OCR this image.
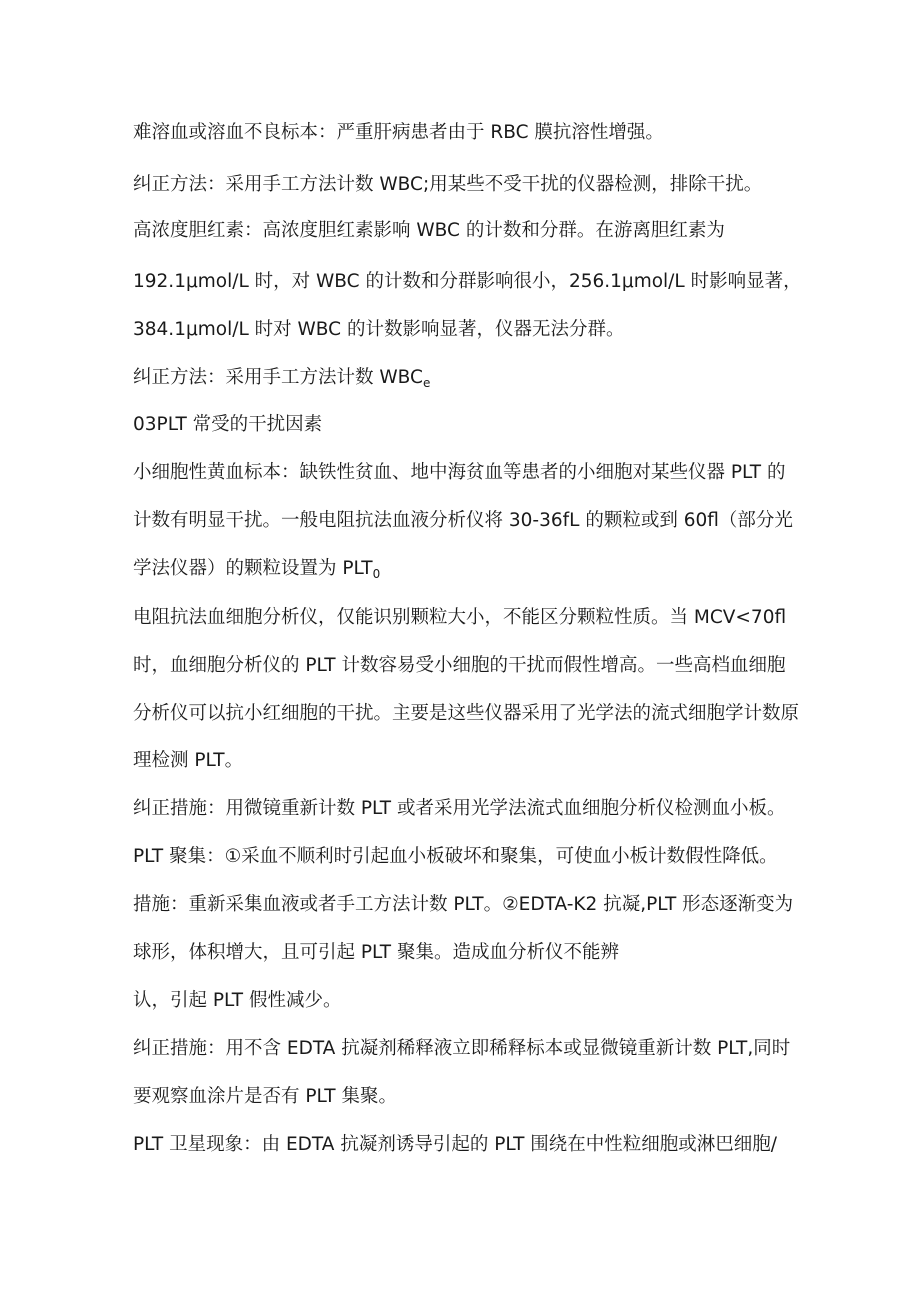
难溶血或溶血不良标本：严重肝病患者由于 RBC 膜抗溶性增强。
纠正方法：采用手工方法计数 WBC;用某些不受干扰的仪器检测，排除干扰。
高浓度胆红素：高浓度胆红素影响 WBC 的计数和分群。在游离胆红素为
192.1μmol/L 时，对 WBC 的计数和分群影响很小，256.1μmol/L 时影响显著，
384.1μmol/L 时对 WBC 的计数影响显著，仪器无法分群。
纠正方法：采用手工方法计数 $WBC_e$
03PLT 常受的干扰因素
小细胞性黄血标本：缺铁性贫血、地中海贫血等患者的小细胞对某些仪器 PLT 的
计数有明显干扰。一般电阻抗法血液分析仪将 30-36fL 的颗粒或到 60fl（部分光
学法仪器）的颗粒设置为 $PLT_0$
电阻抗法血细胞分析仪，仅能识别颗粒大小，不能区分颗粒性质。当 MCV<70fl
时，血细胞分析仪的 PLT 计数容易受小细胞的干扰而假性增高。一些高档血细胞
分析仪可以抗小红细胞的干扰。主要是这些仪器采用了光学法的流式细胞学计数原
理检测 PLT。
纠正措施：用微镜重新计数 PLT 或者采用光学法流式血细胞分析仪检测血小板。
PLT 聚集：①采血不顺利时引起血小板破坏和聚集，可使血小板计数假性降低。
措施：重新采集血液或者手工方法计数 PLT。②EDTA-K2 抗凝,PLT 形态逐渐变为
球形，体积增大，且可引起 PLT 聚集。造成血分析仪不能辨
认，引起 PLT 假性减少。
纠正措施：用不含 EDTA 抗凝剂稀释液立即稀释标本或显微镜重新计数 PLT,同时
要观察血涂片是否有 PLT 集聚。
PLT 卫星现象：由 EDTA 抗凝剂诱导引起的 PLT 围绕在中性粒细胞或淋巴细胞/
